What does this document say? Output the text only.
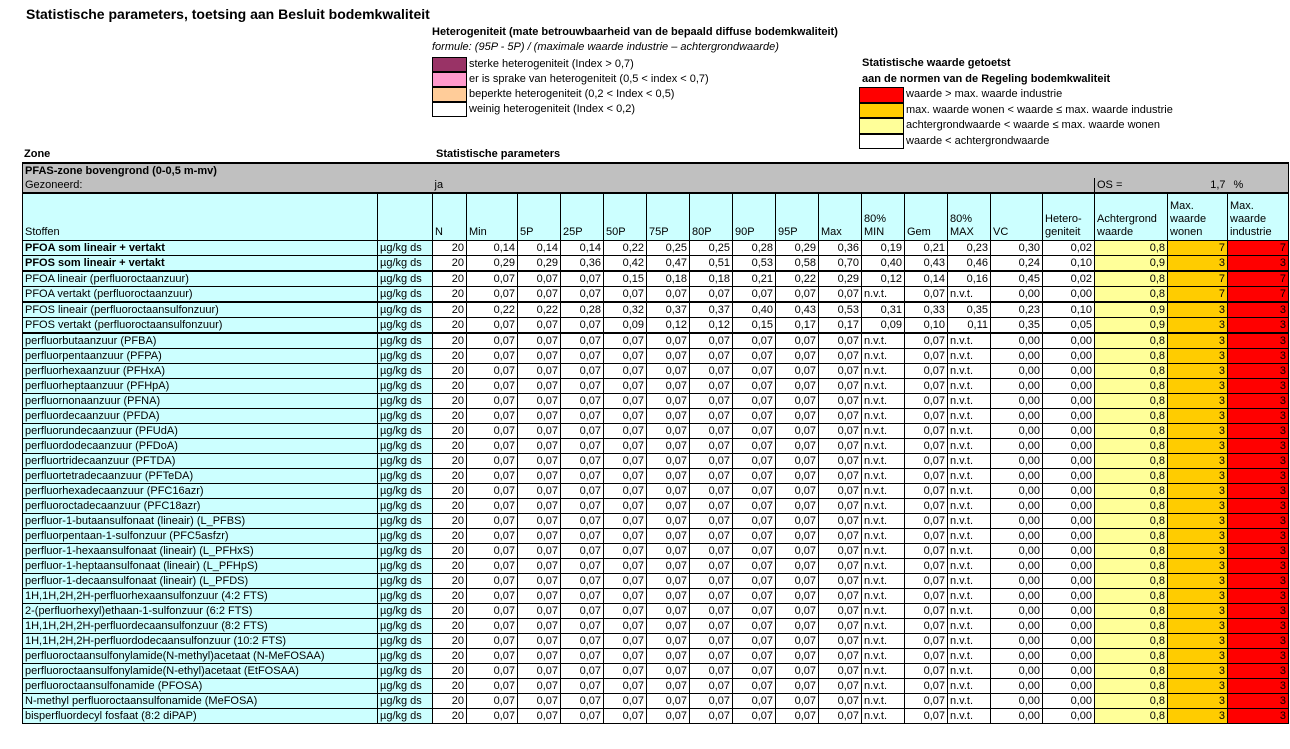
Statistische parameters, toetsing aan Besluit bodemkwaliteit
Heterogeniteit (mate betrouwbaarheid van de bepaald diffuse bodemkwaliteit)
formule: (95P - 5P) / (maximale waarde industrie – achtergrondwaarde)
sterke heterogeniteit (Index > 0,7)
er is sprake van heterogeniteit (0,5 < index < 0,7)
beperkte heterogeniteit (0,2 < Index < 0,5)
weinig heterogeniteit (Index < 0,2)
Statistische waarde getoetst
aan de normen van de Regeling bodemkwaliteit
waarde > max. waarde industrie
max. waarde wonen < waarde ≤ max. waarde industrie
achtergrondwaarde < waarde ≤ max. waarde wonen
waarde < achtergrondwaarde
Zone	Statistische parameters
PFAS-zone bovengrond (0-0,5 m-mv)																			
Gezoneerd:		ja															OS =	1,7	%
Stoffen		N	Min	5P	25P	50P	75P	80P	90P	95P	Max	80% MIN	Gem	80% MAX	VC	Hetero-geniteit	Achtergrond waarde	Max. waarde wonen	Max. waarde industrie
PFOA som lineair + vertakt	µg/kg ds	20	0,14	0,14	0,14	0,22	0,25	0,25	0,28	0,29	0,36	0,19	0,21	0,23	0,30	0,02	0,8	7	7
PFOS som lineair + vertakt	µg/kg ds	20	0,29	0,29	0,36	0,42	0,47	0,51	0,53	0,58	0,70	0,40	0,43	0,46	0,24	0,10	0,9	3	3
PFOA lineair (perfluoroctaanzuur)	µg/kg ds	20	0,07	0,07	0,07	0,15	0,18	0,18	0,21	0,22	0,29	0,12	0,14	0,16	0,45	0,02	0,8	7	7
PFOA vertakt (perfluoroctaanzuur)	µg/kg ds	20	0,07	0,07	0,07	0,07	0,07	0,07	0,07	0,07	0,07	n.v.t.	0,07	n.v.t.	0,00	0,00	0,8	7	7
PFOS lineair (perfluoroctaansulfonzuur)	µg/kg ds	20	0,22	0,22	0,28	0,32	0,37	0,37	0,40	0,43	0,53	0,31	0,33	0,35	0,23	0,10	0,9	3	3
PFOS vertakt (perfluoroctaansulfonzuur)	µg/kg ds	20	0,07	0,07	0,07	0,09	0,12	0,12	0,15	0,17	0,17	0,09	0,10	0,11	0,35	0,05	0,9	3	3
perfluorbutaanzuur (PFBA)	µg/kg ds	20	0,07	0,07	0,07	0,07	0,07	0,07	0,07	0,07	0,07	n.v.t.	0,07	n.v.t.	0,00	0,00	0,8	3	3
perfluorpentaanzuur (PFPA)	µg/kg ds	20	0,07	0,07	0,07	0,07	0,07	0,07	0,07	0,07	0,07	n.v.t.	0,07	n.v.t.	0,00	0,00	0,8	3	3
perfluorhexaanzuur (PFHxA)	µg/kg ds	20	0,07	0,07	0,07	0,07	0,07	0,07	0,07	0,07	0,07	n.v.t.	0,07	n.v.t.	0,00	0,00	0,8	3	3
perfluorheptaanzuur (PFHpA)	µg/kg ds	20	0,07	0,07	0,07	0,07	0,07	0,07	0,07	0,07	0,07	n.v.t.	0,07	n.v.t.	0,00	0,00	0,8	3	3
perfluornonaanzuur (PFNA)	µg/kg ds	20	0,07	0,07	0,07	0,07	0,07	0,07	0,07	0,07	0,07	n.v.t.	0,07	n.v.t.	0,00	0,00	0,8	3	3
perfluordecaanzuur (PFDA)	µg/kg ds	20	0,07	0,07	0,07	0,07	0,07	0,07	0,07	0,07	0,07	n.v.t.	0,07	n.v.t.	0,00	0,00	0,8	3	3
perfluorundecaanzuur (PFUdA)	µg/kg ds	20	0,07	0,07	0,07	0,07	0,07	0,07	0,07	0,07	0,07	n.v.t.	0,07	n.v.t.	0,00	0,00	0,8	3	3
perfluordodecaanzuur (PFDoA)	µg/kg ds	20	0,07	0,07	0,07	0,07	0,07	0,07	0,07	0,07	0,07	n.v.t.	0,07	n.v.t.	0,00	0,00	0,8	3	3
perfluortridecaanzuur (PFTDA)	µg/kg ds	20	0,07	0,07	0,07	0,07	0,07	0,07	0,07	0,07	0,07	n.v.t.	0,07	n.v.t.	0,00	0,00	0,8	3	3
perfluortetradecaanzuur (PFTeDA)	µg/kg ds	20	0,07	0,07	0,07	0,07	0,07	0,07	0,07	0,07	0,07	n.v.t.	0,07	n.v.t.	0,00	0,00	0,8	3	3
perfluorhexadecaanzuur (PFC16azr)	µg/kg ds	20	0,07	0,07	0,07	0,07	0,07	0,07	0,07	0,07	0,07	n.v.t.	0,07	n.v.t.	0,00	0,00	0,8	3	3
perfluoroctadecaanzuur (PFC18azr)	µg/kg ds	20	0,07	0,07	0,07	0,07	0,07	0,07	0,07	0,07	0,07	n.v.t.	0,07	n.v.t.	0,00	0,00	0,8	3	3
perfluor-1-butaansulfonaat (lineair) (L_PFBS)	µg/kg ds	20	0,07	0,07	0,07	0,07	0,07	0,07	0,07	0,07	0,07	n.v.t.	0,07	n.v.t.	0,00	0,00	0,8	3	3
perfluorpentaan-1-sulfonzuur (PFC5asfzr)	µg/kg ds	20	0,07	0,07	0,07	0,07	0,07	0,07	0,07	0,07	0,07	n.v.t.	0,07	n.v.t.	0,00	0,00	0,8	3	3
perfluor-1-hexaansulfonaat (lineair) (L_PFHxS)	µg/kg ds	20	0,07	0,07	0,07	0,07	0,07	0,07	0,07	0,07	0,07	n.v.t.	0,07	n.v.t.	0,00	0,00	0,8	3	3
perfluor-1-heptaansulfonaat (lineair) (L_PFHpS)	µg/kg ds	20	0,07	0,07	0,07	0,07	0,07	0,07	0,07	0,07	0,07	n.v.t.	0,07	n.v.t.	0,00	0,00	0,8	3	3
perfluor-1-decaansulfonaat (lineair) (L_PFDS)	µg/kg ds	20	0,07	0,07	0,07	0,07	0,07	0,07	0,07	0,07	0,07	n.v.t.	0,07	n.v.t.	0,00	0,00	0,8	3	3
1H,1H,2H,2H-perfluorhexaansulfonzuur (4:2 FTS)	µg/kg ds	20	0,07	0,07	0,07	0,07	0,07	0,07	0,07	0,07	0,07	n.v.t.	0,07	n.v.t.	0,00	0,00	0,8	3	3
2-(perfluorhexyl)ethaan-1-sulfonzuur (6:2 FTS)	µg/kg ds	20	0,07	0,07	0,07	0,07	0,07	0,07	0,07	0,07	0,07	n.v.t.	0,07	n.v.t.	0,00	0,00	0,8	3	3
1H,1H,2H,2H-perfluordecaansulfonzuur (8:2 FTS)	µg/kg ds	20	0,07	0,07	0,07	0,07	0,07	0,07	0,07	0,07	0,07	n.v.t.	0,07	n.v.t.	0,00	0,00	0,8	3	3
1H,1H,2H,2H-perfluordodecaansulfonzuur (10:2 FTS)	µg/kg ds	20	0,07	0,07	0,07	0,07	0,07	0,07	0,07	0,07	0,07	n.v.t.	0,07	n.v.t.	0,00	0,00	0,8	3	3
perfluoroctaansulfonylamide(N-methyl)acetaat (N-MeFOSAA)	µg/kg ds	20	0,07	0,07	0,07	0,07	0,07	0,07	0,07	0,07	0,07	n.v.t.	0,07	n.v.t.	0,00	0,00	0,8	3	3
perfluoroctaansulfonylamide(N-ethyl)acetaat (EtFOSAA)	µg/kg ds	20	0,07	0,07	0,07	0,07	0,07	0,07	0,07	0,07	0,07	n.v.t.	0,07	n.v.t.	0,00	0,00	0,8	3	3
perfluoroctaansulfonamide (PFOSA)	µg/kg ds	20	0,07	0,07	0,07	0,07	0,07	0,07	0,07	0,07	0,07	n.v.t.	0,07	n.v.t.	0,00	0,00	0,8	3	3
N-methyl perfluoroctaansulfonamide (MeFOSA)	µg/kg ds	20	0,07	0,07	0,07	0,07	0,07	0,07	0,07	0,07	0,07	n.v.t.	0,07	n.v.t.	0,00	0,00	0,8	3	3
bisperfluordecyl fosfaat (8:2 diPAP)	µg/kg ds	20	0,07	0,07	0,07	0,07	0,07	0,07	0,07	0,07	0,07	n.v.t.	0,07	n.v.t.	0,00	0,00	0,8	3	3
